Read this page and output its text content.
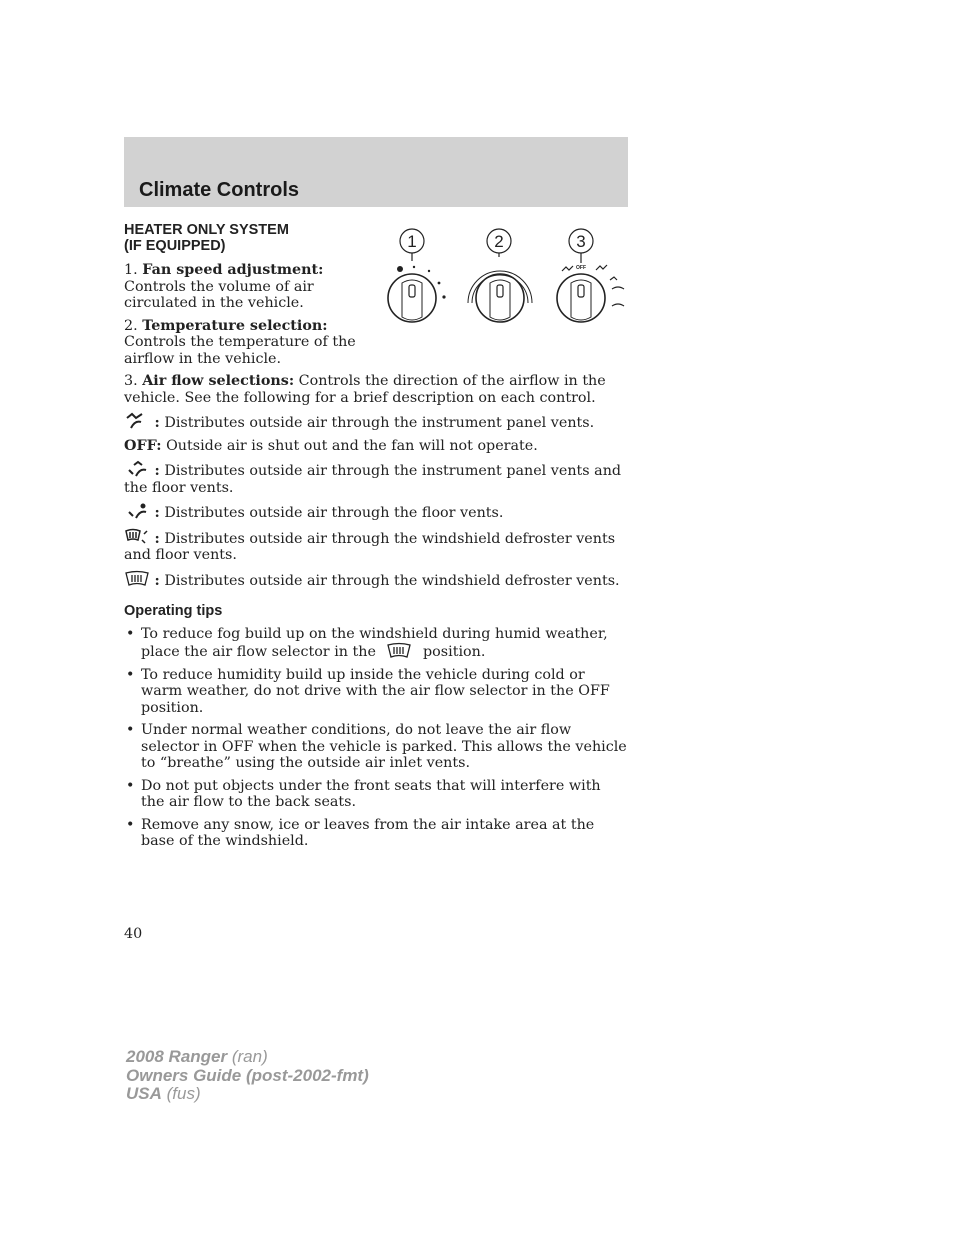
Climate Controls
1	2	3
OFF
HEATER ONLY SYSTEM
(IF EQUIPPED)

1. Fan speed adjustment: Controls the volume of air circulated in the vehicle.

2. Temperature selection: Controls the temperature of the airflow in the vehicle.

3. Air flow selections: Controls the direction of the airflow in the vehicle. See the following for a brief description on each control.

: Distributes outside air through the instrument panel vents.

OFF: Outside air is shut out and the fan will not operate.

: Distributes outside air through the instrument panel vents and the floor vents.

: Distributes outside air through the floor vents.

: Distributes outside air through the windshield defroster vents and floor vents.

: Distributes outside air through the windshield defroster vents.

Operating tips
• To reduce fog build up on the windshield during humid weather, place the air flow selector in the	position.
• To reduce humidity build up inside the vehicle during cold or warm weather, do not drive with the air flow selector in the OFF position.
• Under normal weather conditions, do not leave the air flow selector in OFF when the vehicle is parked. This allows the vehicle to “breathe” using the outside air inlet vents.
• Do not put objects under the front seats that will interfere with the air flow to the back seats.
• Remove any snow, ice or leaves from the air intake area at the base of the windshield.
40
2008 Ranger (ran)
Owners Guide (post-2002-fmt)
USA (fus)
